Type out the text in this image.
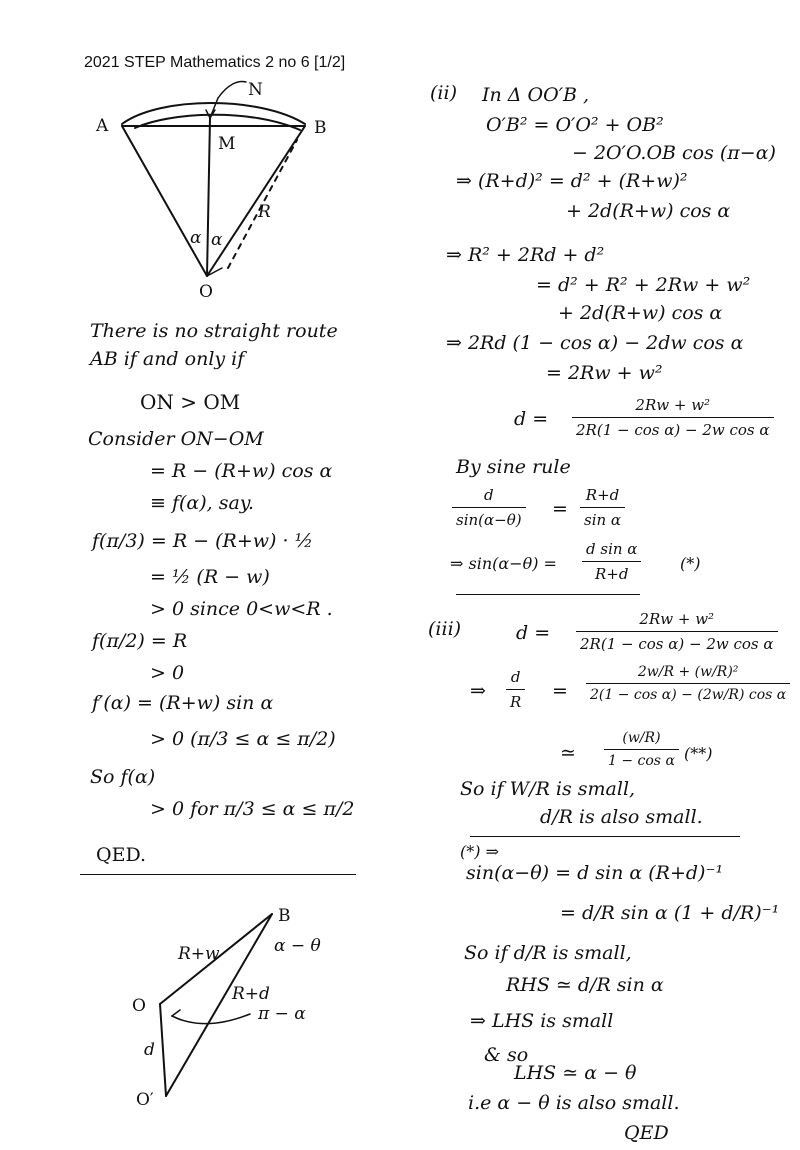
2021 STEP Mathematics 2 no 6 [1/2]
A	B
N
M
O
R
α α
There is no straight route
AB if and only if
ON > OM
Consider ON−OM
= R − (R+w) cos α
≡ f(α), say.
f(π/3) = R − (R+w) · ½
= ½ (R − w)
> 0 since 0<w<R .
f(π/2) = R
> 0
f′(α) = (R+w) sin α
> 0 (π/3 ≤ α ≤ π/2)
So f(α)
> 0 for π/3 ≤ α ≤ π/2
QED.
B
O
O′
R+w
R+d
d
α − θ
π − α
(ii) In Δ OO′B ,
O′B² = O′O² + OB²
− 2O′O.OB cos (π−α)
⇒ (R+d)² = d² + (R+w)²
+ 2d(R+w) cos α
⇒ R² + 2Rd + d²
= d² + R² + 2Rw + w²
+ 2d(R+w) cos α
⇒ 2Rd (1 − cos α) − 2dw cos α
= 2Rw + w²
$d = \frac{\text{2Rw + w²}}{\text{2R(1 − cos α) − 2w cos α}}$
By sine rule
$\frac{d}{\sin(\alpha-\theta)} = \frac{R+d}{\text{sin α}}$
⇒ $\sin(\alpha-\theta) = \frac{\text{d sin α}}{R+d}$ (*)
(iii)	$d = \frac{\text{2Rw + w²}}{\text{2R(1 − cos α) − 2w cos α}}$
⇒ $\frac{d}{R} = \frac{\text{2w/R + (w/R)²}}{\text{2(1 − cos α) − (2w/R) cos α}}$
≃ $\frac{(w/R)}{\text{1 − cos α}}$ (**)
So if W/R is small,
d/R is also small.
(*) ⇒
sin(α−θ) = d sin α (R+d)⁻¹
= d/R sin α (1 + d/R)⁻¹
So if d/R is small,
RHS ≃ d/R sin α
⇒ LHS is small
& so
LHS ≃ α − θ
i.e α − θ is also small.
QED
